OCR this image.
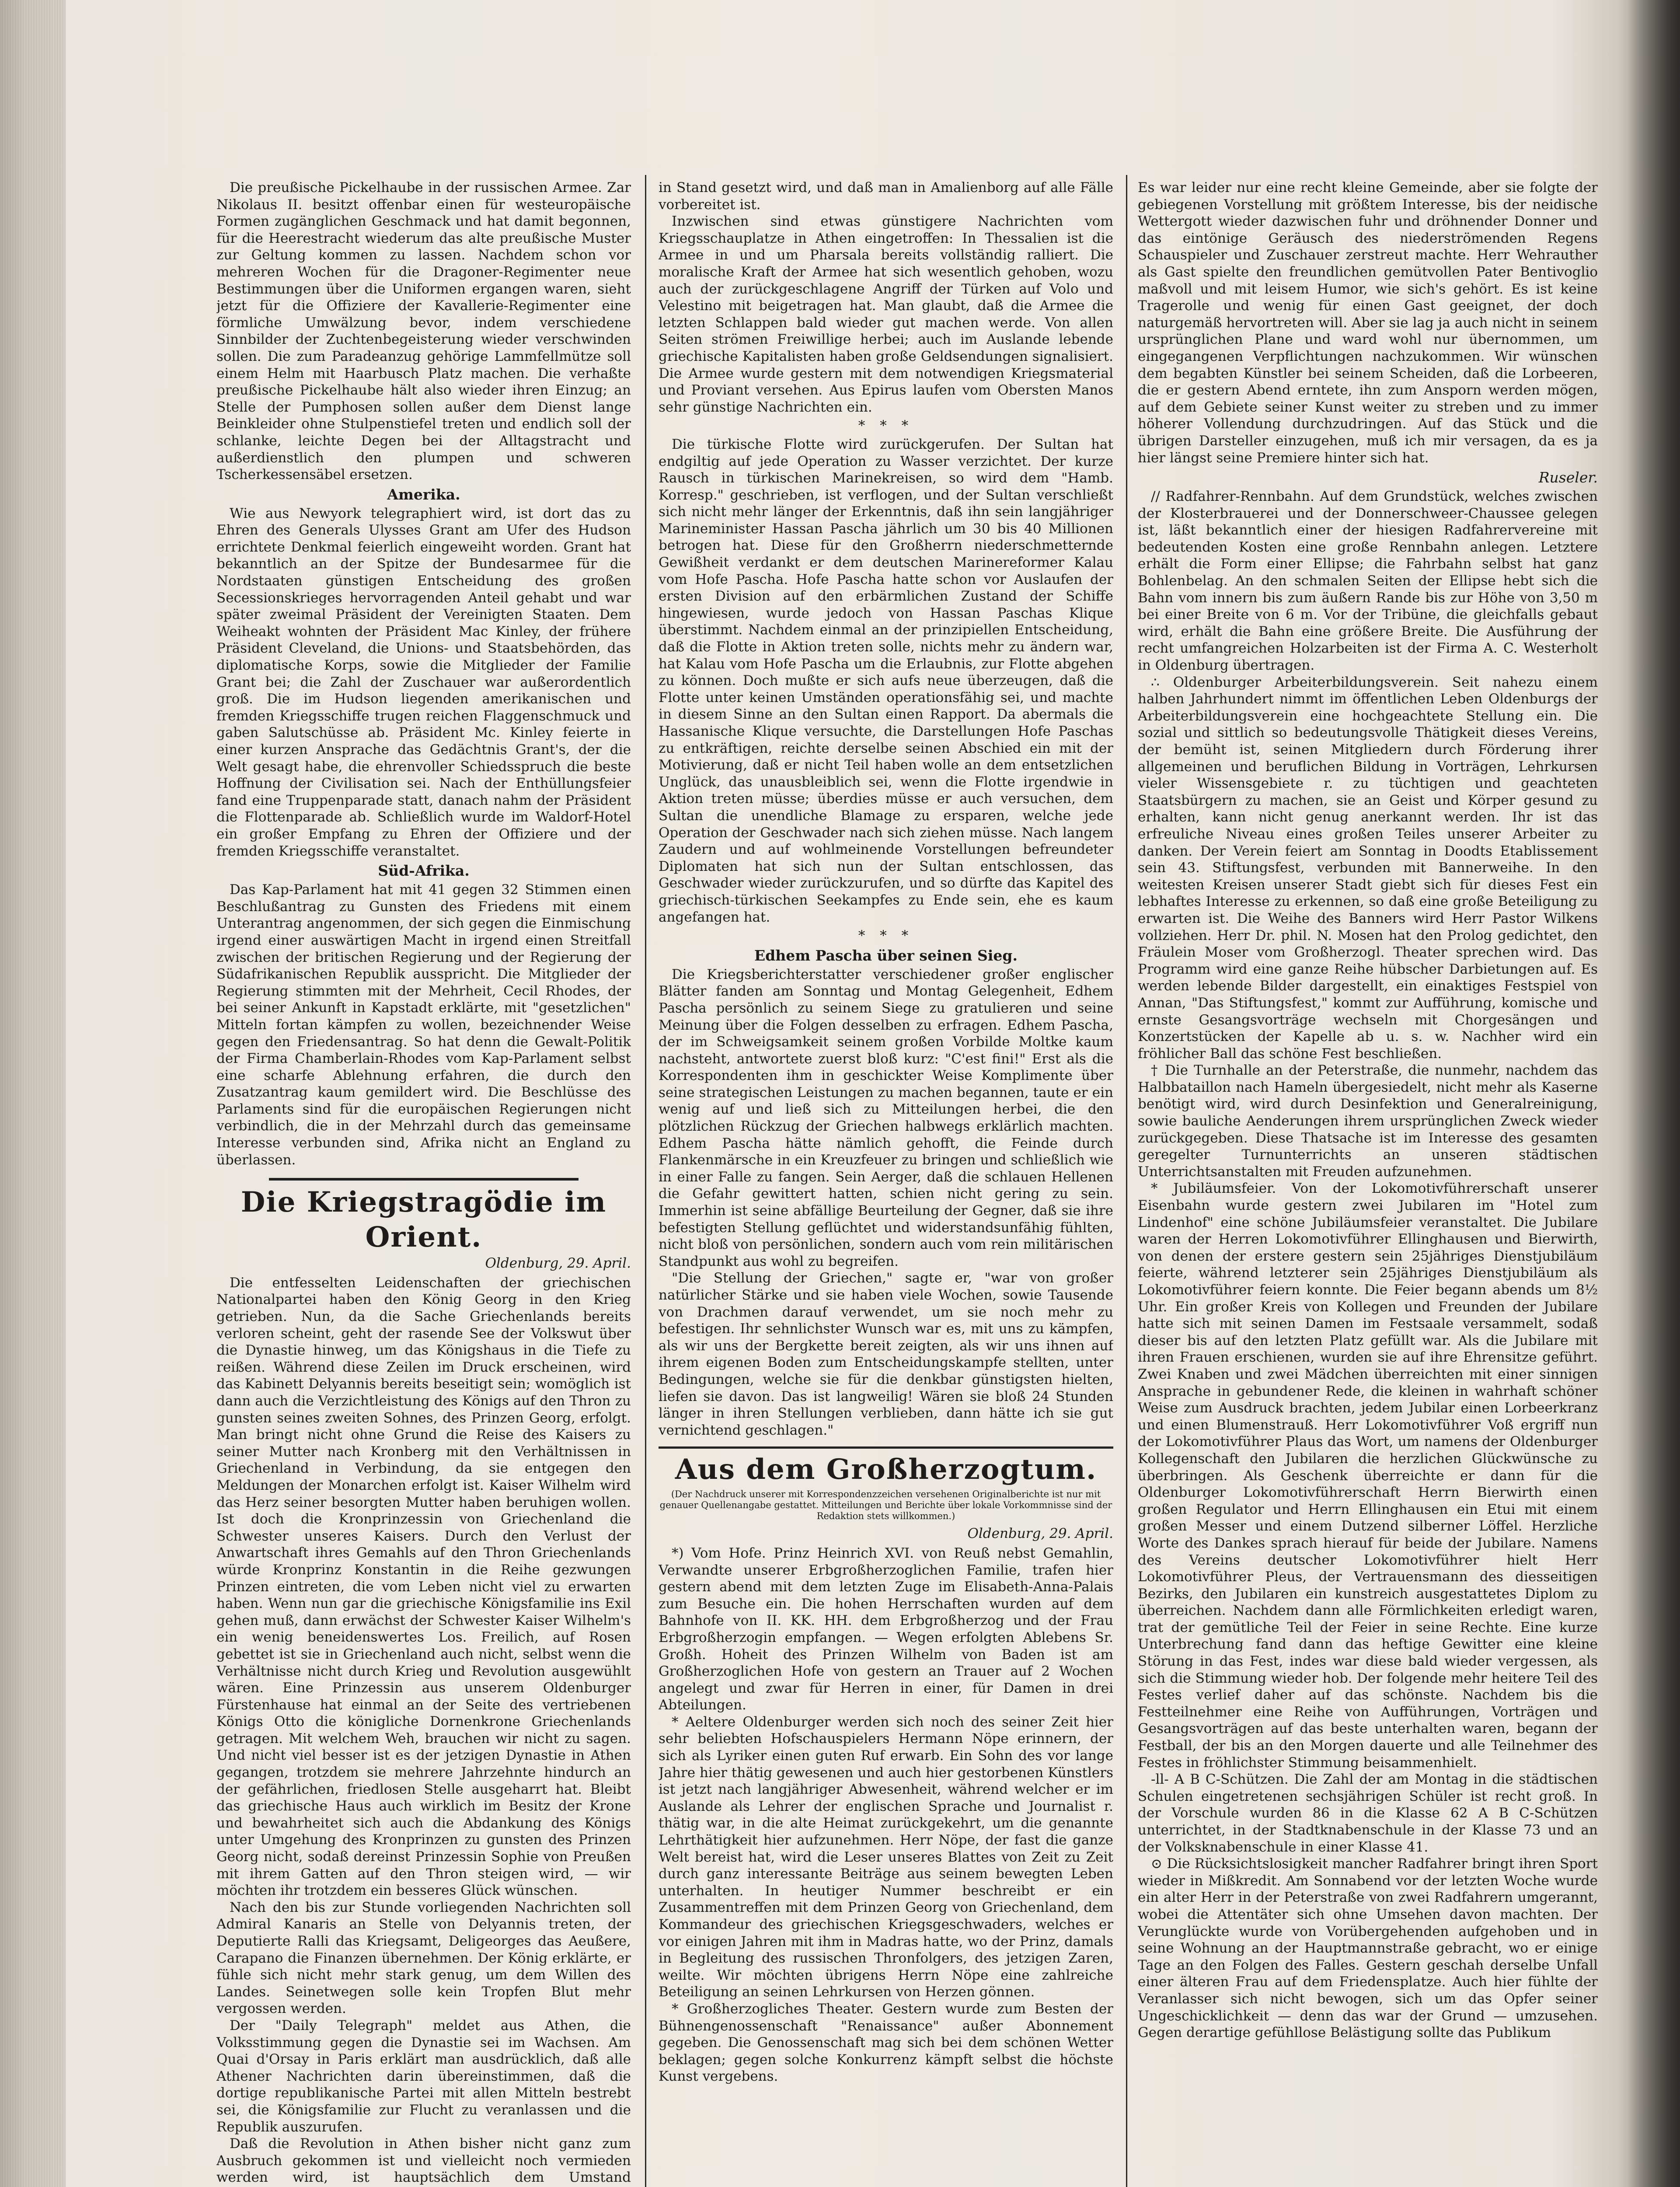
Die preußische Pickelhaube in der russischen Armee. Zar Nikolaus II. besitzt offenbar einen für westeuropäische Formen zugänglichen Geschmack und hat damit begonnen, für die Heerestracht wiederum das alte preußische Muster zur Geltung kommen zu lassen. Nachdem schon vor mehreren Wochen für die Dragoner-Regimenter neue Bestimmungen über die Uniformen ergangen waren, sieht jetzt für die Offiziere der Kavallerie-Regimenter eine förmliche Umwälzung bevor, indem verschiedene Sinnbilder der Zuchtenbegeisterung wieder verschwinden sollen. Die zum Paradeanzug gehörige Lammfellmütze soll einem Helm mit Haarbusch Platz machen. Die verhaßte preußische Pickelhaube hält also wieder ihren Einzug; an Stelle der Pumphosen sollen außer dem Dienst lange Beinkleider ohne Stulpenstiefel treten und endlich soll der schlanke, leichte Degen bei der Alltagstracht und außerdienstlich den plumpen und schweren Tscherkessensäbel ersetzen.

Amerika.

Wie aus Newyork telegraphiert wird, ist dort das zu Ehren des Generals Ulysses Grant am Ufer des Hudson errichtete Denkmal feierlich eingeweiht worden. Grant hat bekanntlich an der Spitze der Bundesarmee für die Nordstaaten günstigen Entscheidung des großen Secessionskrieges hervorragenden Anteil gehabt und war später zweimal Präsident der Vereinigten Staaten. Dem Weiheakt wohnten der Präsident Mac Kinley, der frühere Präsident Cleveland, die Unions- und Staatsbehörden, das diplomatische Korps, sowie die Mitglieder der Familie Grant bei; die Zahl der Zuschauer war außerordentlich groß. Die im Hudson liegenden amerikanischen und fremden Kriegsschiffe trugen reichen Flaggenschmuck und gaben Salutschüsse ab. Präsident Mc. Kinley feierte in einer kurzen Ansprache das Gedächtnis Grant's, der die Welt gesagt habe, die ehrenvoller Schiedsspruch die beste Hoffnung der Civilisation sei. Nach der Enthüllungsfeier fand eine Truppenparade statt, danach nahm der Präsident die Flottenparade ab. Schließlich wurde im Waldorf-Hotel ein großer Empfang zu Ehren der Offiziere und der fremden Kriegsschiffe veranstaltet.

Süd-Afrika.

Das Kap-Parlament hat mit 41 gegen 32 Stimmen einen Beschlußantrag zu Gunsten des Friedens mit einem Unterantrag angenommen, der sich gegen die Einmischung irgend einer auswärtigen Macht in irgend einen Streitfall zwischen der britischen Regierung und der Regierung der Südafrikanischen Republik ausspricht. Die Mitglieder der Regierung stimmten mit der Mehrheit, Cecil Rhodes, der bei seiner Ankunft in Kapstadt erklärte, mit "gesetzlichen" Mitteln fortan kämpfen zu wollen, bezeichnender Weise gegen den Friedensantrag. So hat denn die Gewalt-Politik der Firma Chamberlain-Rhodes vom Kap-Parlament selbst eine scharfe Ablehnung erfahren, die durch den Zusatzantrag kaum gemildert wird. Die Beschlüsse des Parlaments sind für die europäischen Regierungen nicht verbindlich, die in der Mehrzahl durch das gemeinsame Interesse verbunden sind, Afrika nicht an England zu überlassen.

Die Kriegstragödie im Orient.
Oldenburg, 29. April.

Die entfesselten Leidenschaften der griechischen Nationalpartei haben den König Georg in den Krieg getrieben. Nun, da die Sache Griechenlands bereits verloren scheint, geht der rasende See der Volkswut über die Dynastie hinweg, um das Königshaus in die Tiefe zu reißen. Während diese Zeilen im Druck erscheinen, wird das Kabinett Delyannis bereits beseitigt sein; womöglich ist dann auch die Verzichtleistung des Königs auf den Thron zu gunsten seines zweiten Sohnes, des Prinzen Georg, erfolgt. Man bringt nicht ohne Grund die Reise des Kaisers zu seiner Mutter nach Kronberg mit den Verhältnissen in Griechenland in Verbindung, da sie entgegen den Meldungen der Monarchen erfolgt ist. Kaiser Wilhelm wird das Herz seiner besorgten Mutter haben beruhigen wollen. Ist doch die Kronprinzessin von Griechenland die Schwester unseres Kaisers. Durch den Verlust der Anwartschaft ihres Gemahls auf den Thron Griechenlands würde Kronprinz Konstantin in die Reihe gezwungen Prinzen eintreten, die vom Leben nicht viel zu erwarten haben. Wenn nun gar die griechische Königsfamilie ins Exil gehen muß, dann erwächst der Schwester Kaiser Wilhelm's ein wenig beneidenswertes Los. Freilich, auf Rosen gebettet ist sie in Griechenland auch nicht, selbst wenn die Verhältnisse nicht durch Krieg und Revolution ausgewühlt wären. Eine Prinzessin aus unserem Oldenburger Fürstenhause hat einmal an der Seite des vertriebenen Königs Otto die königliche Dornenkrone Griechenlands getragen. Mit welchem Weh, brauchen wir nicht zu sagen. Und nicht viel besser ist es der jetzigen Dynastie in Athen gegangen, trotzdem sie mehrere Jahrzehnte hindurch an der gefährlichen, friedlosen Stelle ausgeharrt hat. Bleibt das griechische Haus auch wirklich im Besitz der Krone und bewahrheitet sich auch die Abdankung des Königs unter Umgehung des Kronprinzen zu gunsten des Prinzen Georg nicht, sodaß dereinst Prinzessin Sophie von Preußen mit ihrem Gatten auf den Thron steigen wird, — wir möchten ihr trotzdem ein besseres Glück wünschen.

Nach den bis zur Stunde vorliegenden Nachrichten soll Admiral Kanaris an Stelle von Delyannis treten, der Deputierte Ralli das Kriegsamt, Deligeorges das Aeußere, Carapano die Finanzen übernehmen. Der König erklärte, er fühle sich nicht mehr stark genug, um dem Willen des Landes. Seinetwegen solle kein Tropfen Blut mehr vergossen werden.

Der "Daily Telegraph" meldet aus Athen, die Volksstimmung gegen die Dynastie sei im Wachsen. Am Quai d'Orsay in Paris erklärt man ausdrücklich, daß alle Athener Nachrichten darin übereinstimmen, daß die dortige republikanische Partei mit allen Mitteln bestrebt sei, die Königsfamilie zur Flucht zu veranlassen und die Republik auszurufen.

Daß die Revolution in Athen bisher nicht ganz zum Ausbruch gekommen ist und vielleicht noch vermieden werden wird, ist hauptsächlich dem Umstand

in Stand gesetzt wird, und daß man in Amalienborg auf alle Fälle vorbereitet ist.

Inzwischen sind etwas günstigere Nachrichten vom Kriegsschauplatze in Athen eingetroffen: In Thessalien ist die Armee in und um Pharsala bereits vollständig ralliert. Die moralische Kraft der Armee hat sich wesentlich gehoben, wozu auch der zurückgeschlagene Angriff der Türken auf Volo und Velestino mit beigetragen hat. Man glaubt, daß die Armee die letzten Schlappen bald wieder gut machen werde. Von allen Seiten strömen Freiwillige herbei; auch im Auslande lebende griechische Kapitalisten haben große Geldsendungen signalisiert. Die Armee wurde gestern mit dem notwendigen Kriegsmaterial und Proviant versehen. Aus Epirus laufen vom Obersten Manos sehr günstige Nachrichten ein.

* * *

Die türkische Flotte wird zurückgerufen. Der Sultan hat endgiltig auf jede Operation zu Wasser verzichtet. Der kurze Rausch in türkischen Marinekreisen, so wird dem "Hamb. Korresp." geschrieben, ist verflogen, und der Sultan verschließt sich nicht mehr länger der Erkenntnis, daß ihn sein langjähriger Marineminister Hassan Pascha jährlich um 30 bis 40 Millionen betrogen hat. Diese für den Großherrn niederschmetternde Gewißheit verdankt er dem deutschen Marinereformer Kalau vom Hofe Pascha. Hofe Pascha hatte schon vor Auslaufen der ersten Division auf den erbärmlichen Zustand der Schiffe hingewiesen, wurde jedoch von Hassan Paschas Klique überstimmt. Nachdem einmal an der prinzipiellen Entscheidung, daß die Flotte in Aktion treten solle, nichts mehr zu ändern war, hat Kalau vom Hofe Pascha um die Erlaubnis, zur Flotte abgehen zu können. Doch mußte er sich aufs neue überzeugen, daß die Flotte unter keinen Umständen operationsfähig sei, und machte in diesem Sinne an den Sultan einen Rapport. Da abermals die Hassanische Klique versuchte, die Darstellungen Hofe Paschas zu entkräftigen, reichte derselbe seinen Abschied ein mit der Motivierung, daß er nicht Teil haben wolle an dem entsetzlichen Unglück, das unausbleiblich sei, wenn die Flotte irgendwie in Aktion treten müsse; überdies müsse er auch versuchen, dem Sultan die unendliche Blamage zu ersparen, welche jede Operation der Geschwader nach sich ziehen müsse. Nach langem Zaudern und auf wohlmeinende Vorstellungen befreundeter Diplomaten hat sich nun der Sultan entschlossen, das Geschwader wieder zurückzurufen, und so dürfte das Kapitel des griechisch-türkischen Seekampfes zu Ende sein, ehe es kaum angefangen hat.

* * *
Edhem Pascha über seinen Sieg.

Die Kriegsberichterstatter verschiedener großer englischer Blätter fanden am Sonntag und Montag Gelegenheit, Edhem Pascha persönlich zu seinem Siege zu gratulieren und seine Meinung über die Folgen desselben zu erfragen. Edhem Pascha, der im Schweigsamkeit seinem großen Vorbilde Moltke kaum nachsteht, antwortete zuerst bloß kurz: "C'est fini!" Erst als die Korrespondenten ihm in geschickter Weise Komplimente über seine strategischen Leistungen zu machen begannen, taute er ein wenig auf und ließ sich zu Mitteilungen herbei, die den plötzlichen Rückzug der Griechen halbwegs erklärlich machten. Edhem Pascha hätte nämlich gehofft, die Feinde durch Flankenmärsche in ein Kreuzfeuer zu bringen und schließlich wie in einer Falle zu fangen. Sein Aerger, daß die schlauen Hellenen die Gefahr gewittert hatten, schien nicht gering zu sein. Immerhin ist seine abfällige Beurteilung der Gegner, daß sie ihre befestigten Stellung geflüchtet und widerstandsunfähig fühlten, nicht bloß von persönlichen, sondern auch vom rein militärischen Standpunkt aus wohl zu begreifen.

"Die Stellung der Griechen," sagte er, "war von großer natürlicher Stärke und sie haben viele Wochen, sowie Tausende von Drachmen darauf verwendet, um sie noch mehr zu befestigen. Ihr sehnlichster Wunsch war es, mit uns zu kämpfen, als wir uns der Bergkette bereit zeigten, als wir uns ihnen auf ihrem eigenen Boden zum Entscheidungskampfe stellten, unter Bedingungen, welche sie für die denkbar günstigsten hielten, liefen sie davon. Das ist langweilig! Wären sie bloß 24 Stunden länger in ihren Stellungen verblieben, dann hätte ich sie gut vernichtend geschlagen."

Aus dem Großherzogtum.
(Der Nachdruck unserer mit Korrespondenzzeichen versehenen Originalberichte ist nur mit genauer Quellenangabe gestattet. Mitteilungen und Berichte über lokale Vorkommnisse sind der Redaktion stets willkommen.)
Oldenburg, 29. April.

*) Vom Hofe. Prinz Heinrich XVI. von Reuß nebst Gemahlin, Verwandte unserer Erbgroßherzoglichen Familie, trafen hier gestern abend mit dem letzten Zuge im Elisabeth-Anna-Palais zum Besuche ein. Die hohen Herrschaften wurden auf dem Bahnhofe von II. KK. HH. dem Erbgroßherzog und der Frau Erbgroßherzogin empfangen. — Wegen erfolgten Ablebens Sr. Großh. Hoheit des Prinzen Wilhelm von Baden ist am Großherzoglichen Hofe von gestern an Trauer auf 2 Wochen angelegt und zwar für Herren in einer, für Damen in drei Abteilungen.

* Aeltere Oldenburger werden sich noch des seiner Zeit hier sehr beliebten Hofschauspielers Hermann Nöpe erinnern, der sich als Lyriker einen guten Ruf erwarb. Ein Sohn des vor lange Jahre hier thätig gewesenen und auch hier gestorbenen Künstlers ist jetzt nach langjähriger Abwesenheit, während welcher er im Auslande als Lehrer der englischen Sprache und Journalist r. thätig war, in die alte Heimat zurückgekehrt, um die genannte Lehrthätigkeit hier aufzunehmen. Herr Nöpe, der fast die ganze Welt bereist hat, wird die Leser unseres Blattes von Zeit zu Zeit durch ganz interessante Beiträge aus seinem bewegten Leben unterhalten. In heutiger Nummer beschreibt er ein Zusammentreffen mit dem Prinzen Georg von Griechenland, dem Kommandeur des griechischen Kriegsgeschwaders, welches er vor einigen Jahren mit ihm in Madras hatte, wo der Prinz, damals in Begleitung des russischen Thronfolgers, des jetzigen Zaren, weilte. Wir möchten übrigens Herrn Nöpe eine zahlreiche Beteiligung an seinen Lehrkursen von Herzen gönnen.

* Großherzogliches Theater. Gestern wurde zum Besten der Bühnengenossenschaft "Renaissance" außer Abonnement gegeben. Die Genossenschaft mag sich bei dem schönen Wetter beklagen; gegen solche Konkurrenz kämpft selbst die höchste Kunst vergebens.

Es war leider nur eine recht kleine Gemeinde, aber sie folgte der gebiegenen Vorstellung mit größtem Interesse, bis der neidische Wettergott wieder dazwischen fuhr und dröhnender Donner und das eintönige Geräusch des niederströmenden Regens Schauspieler und Zuschauer zerstreut machte. Herr Wehrauther als Gast spielte den freundlichen gemütvollen Pater Bentivoglio maßvoll und mit leisem Humor, wie sich's gehört. Es ist keine Tragerolle und wenig für einen Gast geeignet, der doch naturgemäß hervortreten will. Aber sie lag ja auch nicht in seinem ursprünglichen Plane und ward wohl nur übernommen, um eingegangenen Verpflichtungen nachzukommen. Wir wünschen dem begabten Künstler bei seinem Scheiden, daß die Lorbeeren, die er gestern Abend erntete, ihn zum Ansporn werden mögen, auf dem Gebiete seiner Kunst weiter zu streben und zu immer höherer Vollendung durchzudringen. Auf das Stück und die übrigen Darsteller einzugehen, muß ich mir versagen, da es ja hier längst seine Premiere hinter sich hat.

Ruseler.

// Radfahrer-Rennbahn. Auf dem Grundstück, welches zwischen der Klosterbrauerei und der Donnerschweer-Chaussee gelegen ist, läßt bekanntlich einer der hiesigen Radfahrervereine mit bedeutenden Kosten eine große Rennbahn anlegen. Letztere erhält die Form einer Ellipse; die Fahrbahn selbst hat ganz Bohlenbelag. An den schmalen Seiten der Ellipse hebt sich die Bahn vom innern bis zum äußern Rande bis zur Höhe von 3,50 m bei einer Breite von 6 m. Vor der Tribüne, die gleichfalls gebaut wird, erhält die Bahn eine größere Breite. Die Ausführung der recht umfangreichen Holzarbeiten ist der Firma A. C. Westerholt in Oldenburg übertragen.

∴ Oldenburger Arbeiterbildungsverein. Seit nahezu einem halben Jahrhundert nimmt im öffentlichen Leben Oldenburgs der Arbeiterbildungsverein eine hochgeachtete Stellung ein. Die sozial und sittlich so bedeutungsvolle Thätigkeit dieses Vereins, der bemüht ist, seinen Mitgliedern durch Förderung ihrer allgemeinen und beruflichen Bildung in Vorträgen, Lehrkursen vieler Wissensgebiete r. zu tüchtigen und geachteten Staatsbürgern zu machen, sie an Geist und Körper gesund zu erhalten, kann nicht genug anerkannt werden. Ihr ist das erfreuliche Niveau eines großen Teiles unserer Arbeiter zu danken. Der Verein feiert am Sonntag in Doodts Etablissement sein 43. Stiftungsfest, verbunden mit Bannerweihe. In den weitesten Kreisen unserer Stadt giebt sich für dieses Fest ein lebhaftes Interesse zu erkennen, so daß eine große Beteiligung zu erwarten ist. Die Weihe des Banners wird Herr Pastor Wilkens vollziehen. Herr Dr. phil. N. Mosen hat den Prolog gedichtet, den Fräulein Moser vom Großherzogl. Theater sprechen wird. Das Programm wird eine ganze Reihe hübscher Darbietungen auf. Es werden lebende Bilder dargestellt, ein einaktiges Festspiel von Annan, "Das Stiftungsfest," kommt zur Aufführung, komische und ernste Gesangsvorträge wechseln mit Chorgesängen und Konzertstücken der Kapelle ab u. s. w. Nachher wird ein fröhlicher Ball das schöne Fest beschließen.

† Die Turnhalle an der Peterstraße, die nunmehr, nachdem das Halbbataillon nach Hameln übergesiedelt, nicht mehr als Kaserne benötigt wird, wird durch Desinfektion und Generalreinigung, sowie bauliche Aenderungen ihrem ursprünglichen Zweck wieder zurückgegeben. Diese Thatsache ist im Interesse des gesamten geregelter Turnunterrichts an unseren städtischen Unterrichtsanstalten mit Freuden aufzunehmen.

* Jubiläumsfeier. Von der Lokomotivführerschaft unserer Eisenbahn wurde gestern zwei Jubilaren im "Hotel zum Lindenhof" eine schöne Jubiläumsfeier veranstaltet. Die Jubilare waren der Herren Lokomotivführer Ellinghausen und Bierwirth, von denen der erstere gestern sein 25jähriges Dienstjubiläum feierte, während letzterer sein 25jähriges Dienstjubiläum als Lokomotivführer feiern konnte. Die Feier begann abends um 8½ Uhr. Ein großer Kreis von Kollegen und Freunden der Jubilare hatte sich mit seinen Damen im Festsaale versammelt, sodaß dieser bis auf den letzten Platz gefüllt war. Als die Jubilare mit ihren Frauen erschienen, wurden sie auf ihre Ehrensitze geführt. Zwei Knaben und zwei Mädchen überreichten mit einer sinnigen Ansprache in gebundener Rede, die kleinen in wahrhaft schöner Weise zum Ausdruck brachten, jedem Jubilar einen Lorbeerkranz und einen Blumenstrauß. Herr Lokomotivführer Voß ergriff nun der Lokomotivführer Plaus das Wort, um namens der Oldenburger Kollegenschaft den Jubilaren die herzlichen Glückwünsche zu überbringen. Als Geschenk überreichte er dann für die Oldenburger Lokomotivführerschaft Herrn Bierwirth einen großen Regulator und Herrn Ellinghausen ein Etui mit einem großen Messer und einem Dutzend silberner Löffel. Herzliche Worte des Dankes sprach hierauf für beide der Jubilare. Namens des Vereins deutscher Lokomotivführer hielt Herr Lokomotivführer Pleus, der Vertrauensmann des diesseitigen Bezirks, den Jubilaren ein kunstreich ausgestattetes Diplom zu überreichen. Nachdem dann alle Förmlichkeiten erledigt waren, trat der gemütliche Teil der Feier in seine Rechte. Eine kurze Unterbrechung fand dann das heftige Gewitter eine kleine Störung in das Fest, indes war diese bald wieder vergessen, als sich die Stimmung wieder hob. Der folgende mehr heitere Teil des Festes verlief daher auf das schönste. Nachdem bis die Festteilnehmer eine Reihe von Aufführungen, Vorträgen und Gesangsvorträgen auf das beste unterhalten waren, begann der Festball, der bis an den Morgen dauerte und alle Teilnehmer des Festes in fröhlichster Stimmung beisammenhielt.

-ll- A B C-Schützen. Die Zahl der am Montag in die städtischen Schulen eingetretenen sechsjährigen Schüler ist recht groß. In der Vorschule wurden 86 in die Klasse 62 A B C-Schützen unterrichtet, in der Stadtknabenschule in der Klasse 73 und an der Volksknabenschule in einer Klasse 41.

⊙ Die Rücksichtslosigkeit mancher Radfahrer bringt ihren Sport wieder in Mißkredit. Am Sonnabend vor der letzten Woche wurde ein alter Herr in der Peterstraße von zwei Radfahrern umgerannt, wobei die Attentäter sich ohne Umsehen davon machten. Der Verunglückte wurde von Vorübergehenden aufgehoben und in seine Wohnung an der Hauptmannstraße gebracht, wo er einige Tage an den Folgen des Falles. Gestern geschah derselbe Unfall einer älteren Frau auf dem Friedensplatze. Auch hier fühlte der Veranlasser sich nicht bewogen, sich um das Opfer seiner Ungeschicklichkeit — denn das war der Grund — umzusehen. Gegen derartige gefühllose Belästigung sollte das Publikum
